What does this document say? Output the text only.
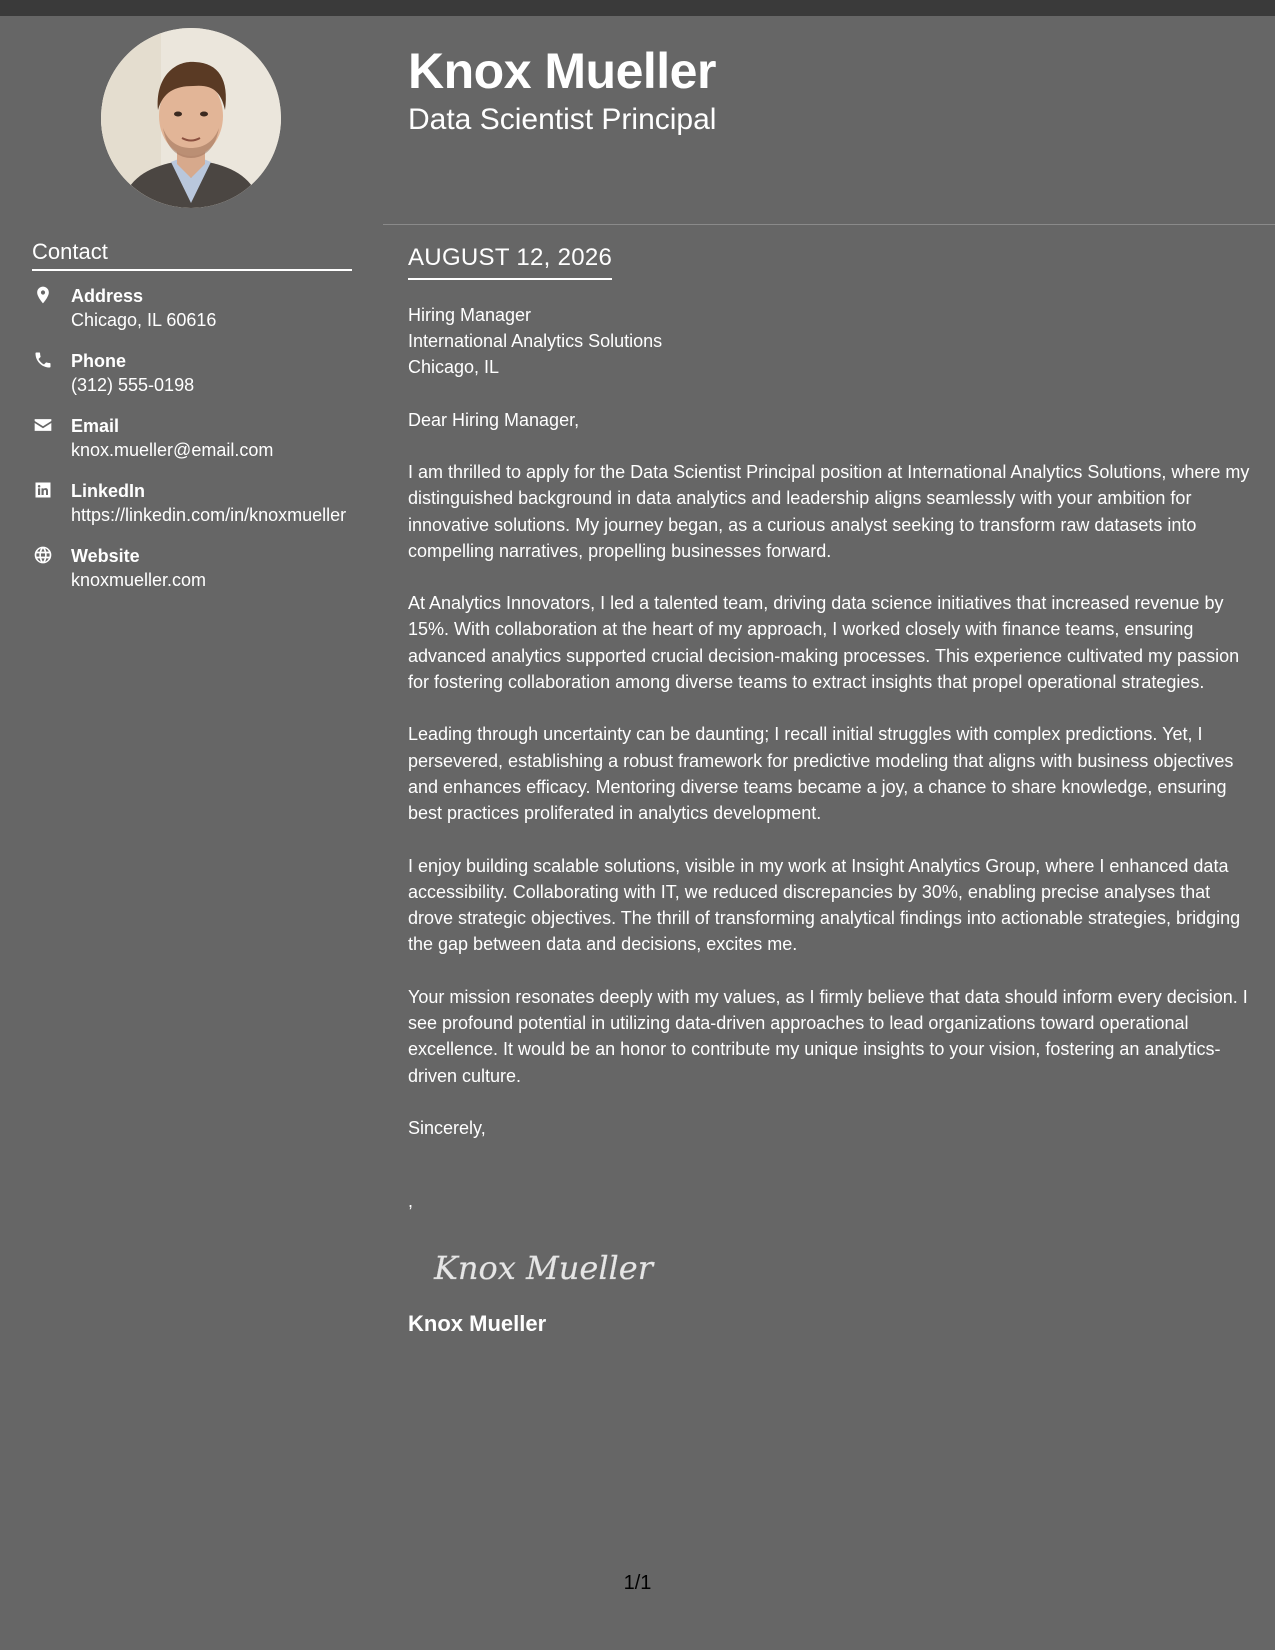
Contact
Address
Chicago, IL 60616
Phone
(312) 555-0198
Email
knox.mueller@email.com
LinkedIn
https://linkedin.com/in/knoxmueller
Website
knoxmueller.com
Knox Mueller
Data Scientist Principal
AUGUST 12, 2026
Hiring Manager
International Analytics Solutions
Chicago, IL
Dear Hiring Manager,
I am thrilled to apply for the Data Scientist Principal position at International Analytics Solutions, where my distinguished background in data analytics and leadership aligns seamlessly with your ambition for innovative solutions. My journey began, as a curious analyst seeking to transform raw datasets into compelling narratives, propelling businesses forward.
At Analytics Innovators, I led a talented team, driving data science initiatives that increased revenue by 15%. With collaboration at the heart of my approach, I worked closely with finance teams, ensuring advanced analytics supported crucial decision-making processes. This experience cultivated my passion for fostering collaboration among diverse teams to extract insights that propel operational strategies.
Leading through uncertainty can be daunting; I recall initial struggles with complex predictions. Yet, I persevered, establishing a robust framework for predictive modeling that aligns with business objectives and enhances efficacy. Mentoring diverse teams became a joy, a chance to share knowledge, ensuring best practices proliferated in analytics development.
I enjoy building scalable solutions, visible in my work at Insight Analytics Group, where I enhanced data accessibility. Collaborating with IT, we reduced discrepancies by 30%, enabling precise analyses that drove strategic objectives. The thrill of transforming analytical findings into actionable strategies, bridging the gap between data and decisions, excites me.
Your mission resonates deeply with my values, as I firmly believe that data should inform every decision. I see profound potential in utilizing data-driven approaches to lead organizations toward operational excellence. It would be an honor to contribute my unique insights to your vision, fostering an analytics-driven culture.
Sincerely,
,
Knox Mueller
Knox Mueller
1/1
